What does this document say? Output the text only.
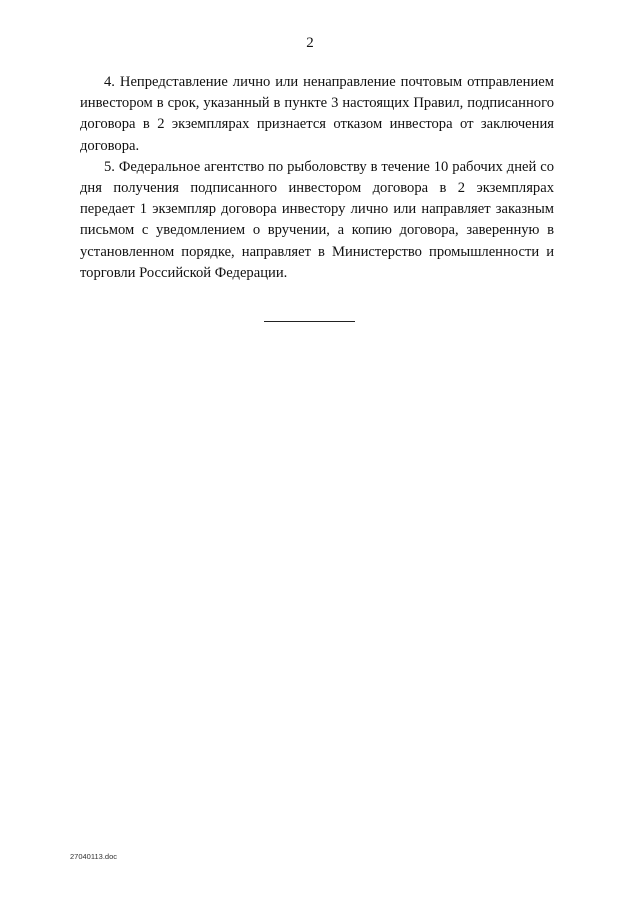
2

4. Непредставление лично или ненаправление почтовым отправлением инвестором в срок, указанный в пункте 3 настоящих Правил, подписанного договора в 2 экземплярах признается отказом инвестора от заключения договора.

5. Федеральное агентство по рыболовству в течение 10 рабочих дней со дня получения подписанного инвестором договора в 2 экземплярах передает 1 экземпляр договора инвестору лично или направляет заказным письмом с уведомлением о вручении, а копию договора, заверенную в установленном порядке, направляет в Министерство промышленности и торговли Российской Федерации.

27040113.doc
